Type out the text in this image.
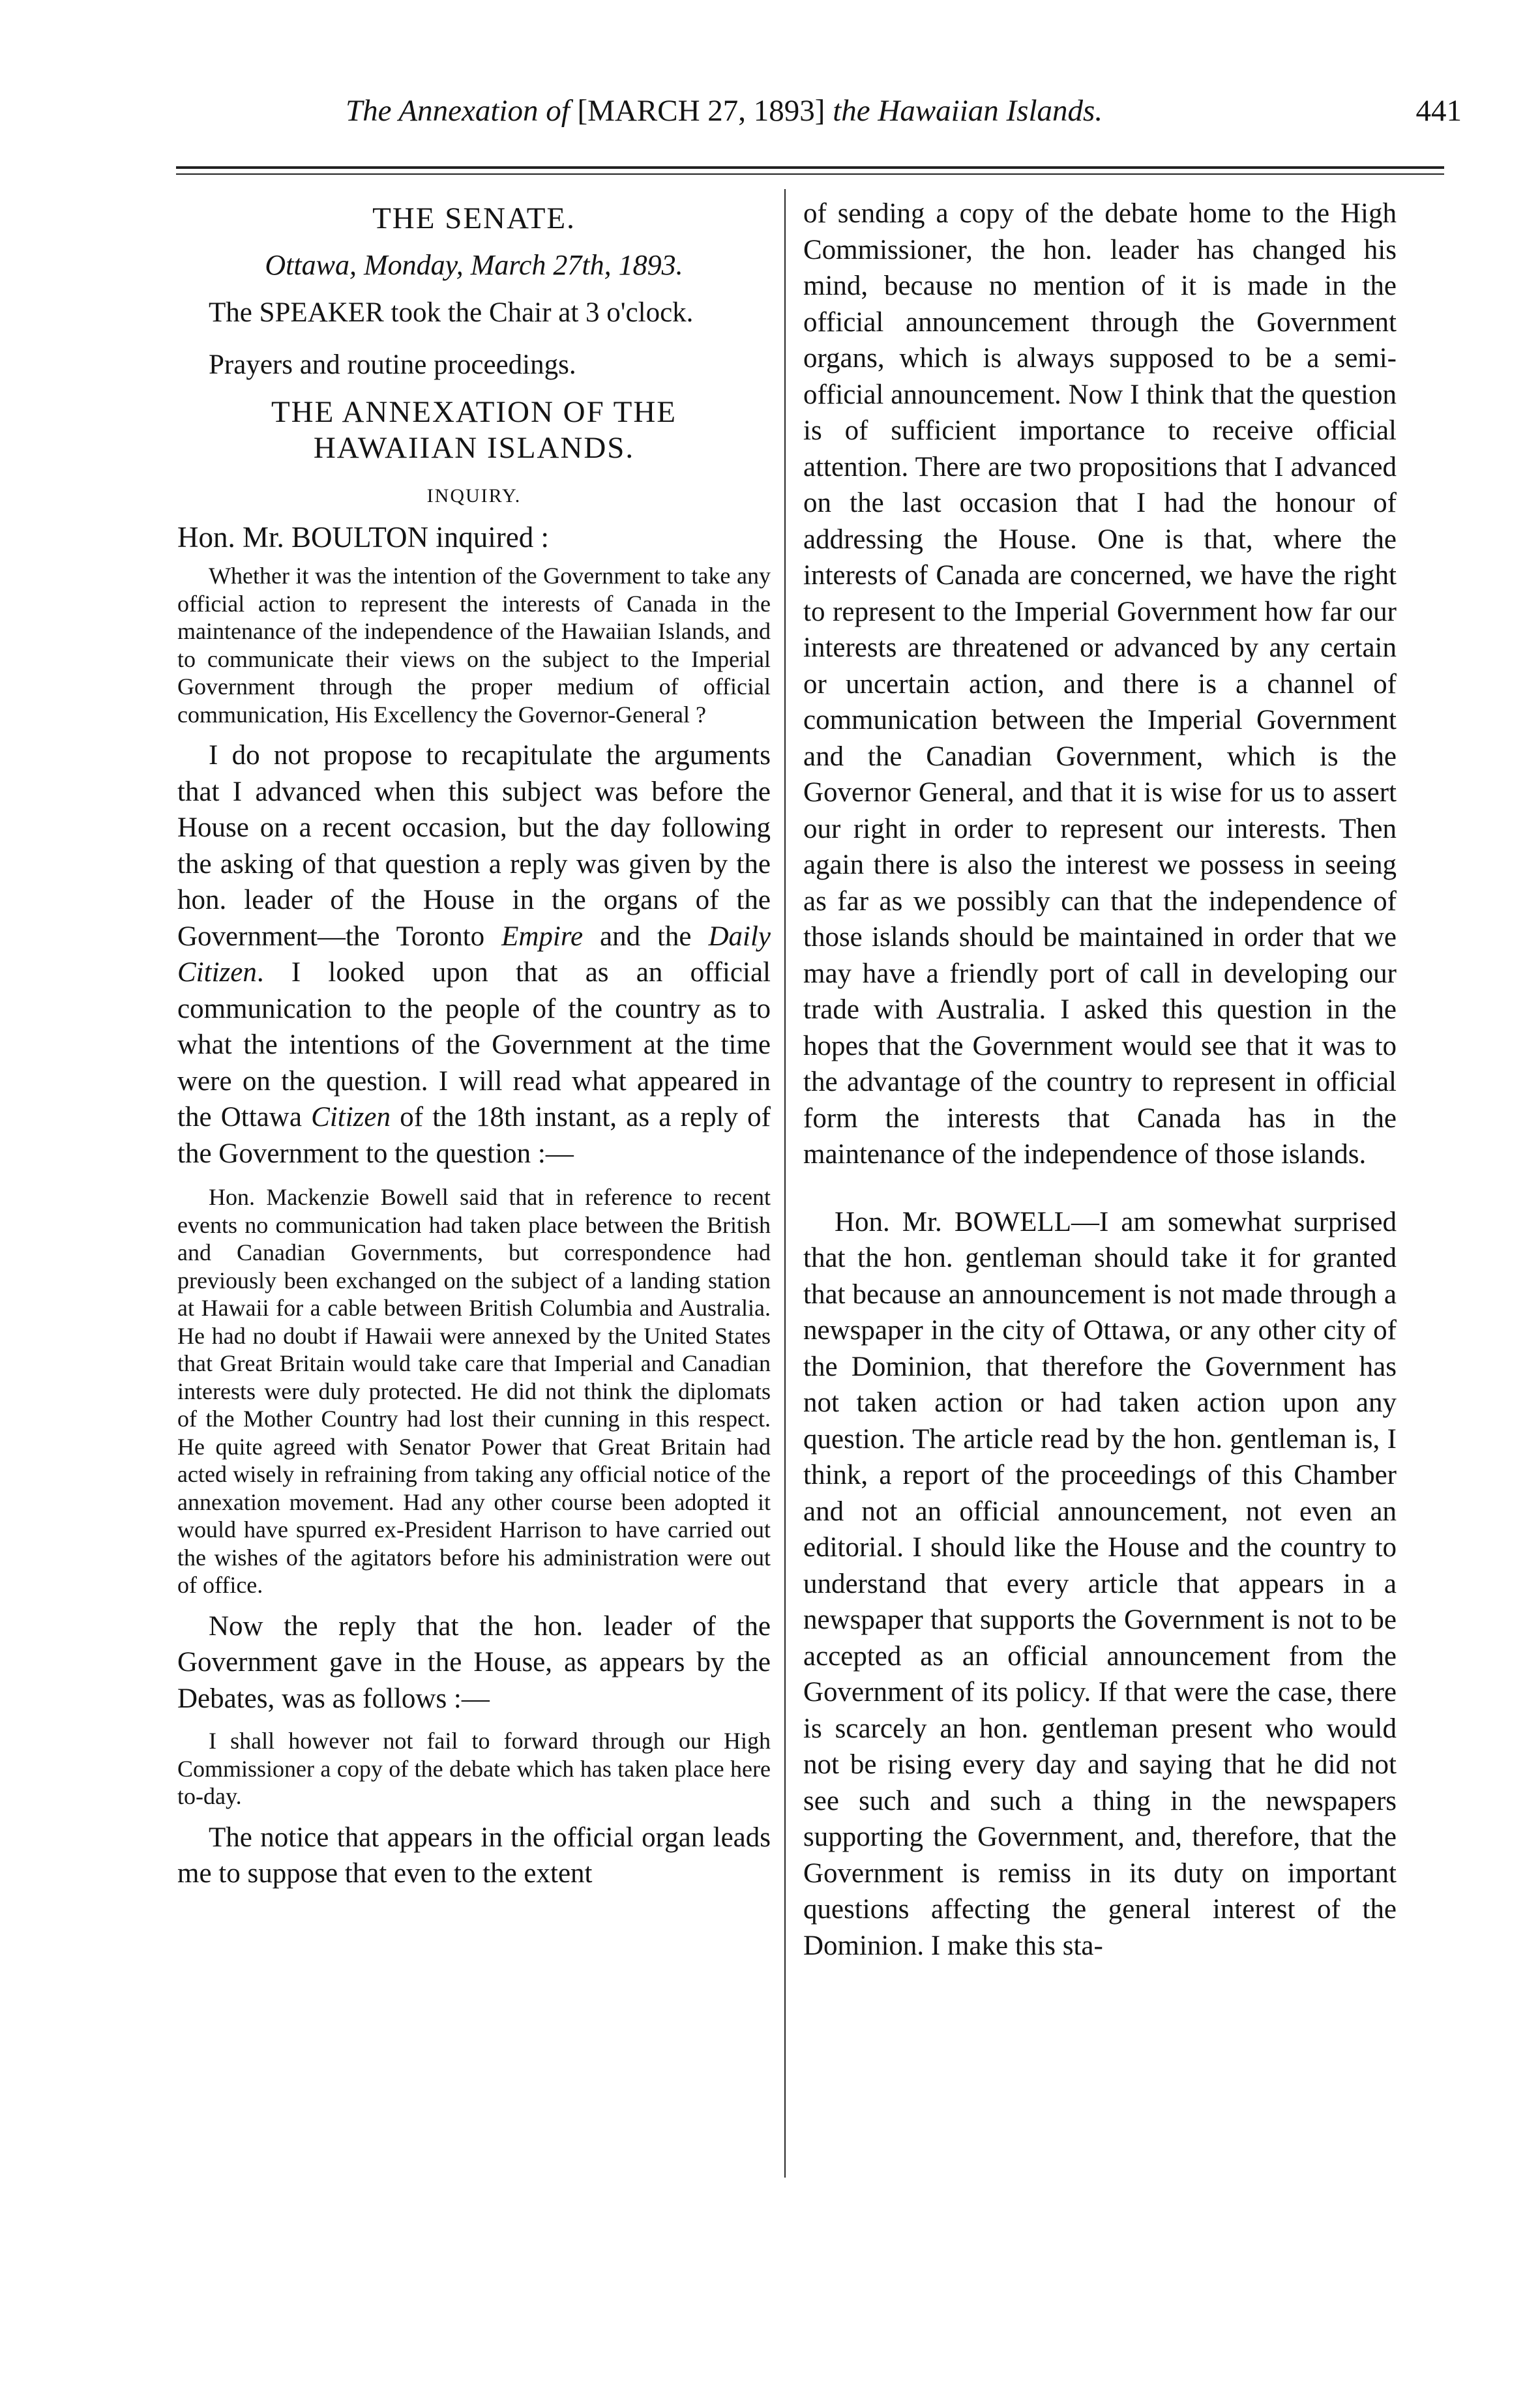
The Annexation of [MARCH 27, 1893] the Hawaiian Islands.	441

THE SENATE.

Ottawa, Monday, March 27th, 1893.

The SPEAKER took the Chair at 3 o'clock.

Prayers and routine proceedings.

THE ANNEXATION OF THE HAWAIIAN ISLANDS.

INQUIRY.

Hon. Mr. BOULTON inquired :

Whether it was the intention of the Government to take any official action to represent the interests of Canada in the maintenance of the independence of the Hawaiian Islands, and to communicate their views on the subject to the Imperial Government through the proper medium of official communication, His Excellency the Governor-General ?

I do not propose to recapitulate the arguments that I advanced when this subject was before the House on a recent occasion, but the day following the asking of that question a reply was given by the hon. leader of the House in the organs of the Government—the Toronto Empire and the Daily Citizen. I looked upon that as an official communication to the people of the country as to what the intentions of the Government at the time were on the question. I will read what appeared in the Ottawa Citizen of the 18th instant, as a reply of the Government to the question :—

Hon. Mackenzie Bowell said that in reference to recent events no communication had taken place between the British and Canadian Governments, but correspondence had previously been exchanged on the subject of a landing station at Hawaii for a cable between British Columbia and Australia. He had no doubt if Hawaii were annexed by the United States that Great Britain would take care that Imperial and Canadian interests were duly protected. He did not think the diplomats of the Mother Country had lost their cunning in this respect. He quite agreed with Senator Power that Great Britain had acted wisely in refraining from taking any official notice of the annexation movement. Had any other course been adopted it would have spurred ex-President Harrison to have carried out the wishes of the agitators before his administration were out of office.

Now the reply that the hon. leader of the Government gave in the House, as appears by the Debates, was as follows :—

I shall however not fail to forward through our High Commissioner a copy of the debate which has taken place here to-day.

The notice that appears in the official organ leads me to suppose that even to the extent

of sending a copy of the debate home to the High Commissioner, the hon. leader has changed his mind, because no mention of it is made in the official announcement through the Government organs, which is always supposed to be a semi-official announcement. Now I think that the question is of sufficient importance to receive official attention. There are two propositions that I advanced on the last occasion that I had the honour of addressing the House. One is that, where the interests of Canada are concerned, we have the right to represent to the Imperial Government how far our interests are threatened or advanced by any certain or uncertain action, and there is a channel of communication between the Imperial Government and the Canadian Government, which is the Governor General, and that it is wise for us to assert our right in order to represent our interests. Then again there is also the interest we possess in seeing as far as we possibly can that the independence of those islands should be maintained in order that we may have a friendly port of call in developing our trade with Australia. I asked this question in the hopes that the Government would see that it was to the advantage of the country to represent in official form the interests that Canada has in the maintenance of the independence of those islands.

Hon. Mr. BOWELL—I am somewhat surprised that the hon. gentleman should take it for granted that because an announcement is not made through a newspaper in the city of Ottawa, or any other city of the Dominion, that therefore the Government has not taken action or had taken action upon any question. The article read by the hon. gentleman is, I think, a report of the proceedings of this Chamber and not an official announcement, not even an editorial. I should like the House and the country to understand that every article that appears in a newspaper that supports the Government is not to be accepted as an official announcement from the Government of its policy. If that were the case, there is scarcely an hon. gentleman present who would not be rising every day and saying that he did not see such and such a thing in the newspapers supporting the Government, and, therefore, that the Government is remiss in its duty on important questions affecting the general interest of the Dominion. I make this sta-
